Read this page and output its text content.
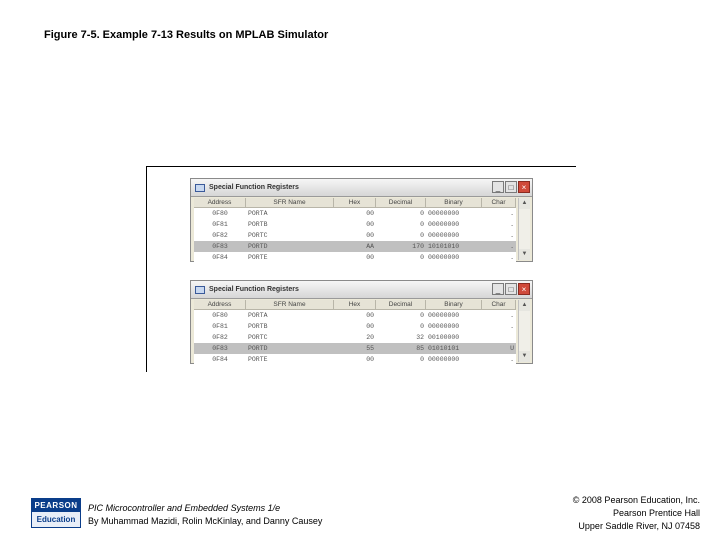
Figure 7-5. Example 7-13 Results on MPLAB Simulator
Special Function Registers	_	□	×
Address	SFR Name	Hex	Decimal	Binary	Char
0F80	PORTA	00	0 00000000	.
0F81	PORTB	00	0 00000000	.
0F82	PORTC	00	0 00000000	.
0F83	PORTD	AA	170 10101010	.
0F84	PORTE	00	0 00000000	.
▲
▼
Special Function Registers	_	□	×
Address	SFR Name	Hex	Decimal	Binary	Char
0F80	PORTA	00	0 00000000	.
0F81	PORTB	00	0 00000000	.
0F82	PORTC	20	32 00100000
0F83	PORTD	55	85 01010101	U
0F84	PORTE	00	0 00000000	.
▲
▼
PEARSON
Education
PIC Microcontroller and Embedded Systems 1/e
By Muhammad Mazidi, Rolin McKinlay, and Danny Causey
© 2008 Pearson Education, Inc.
Pearson Prentice Hall
Upper Saddle River, NJ 07458
